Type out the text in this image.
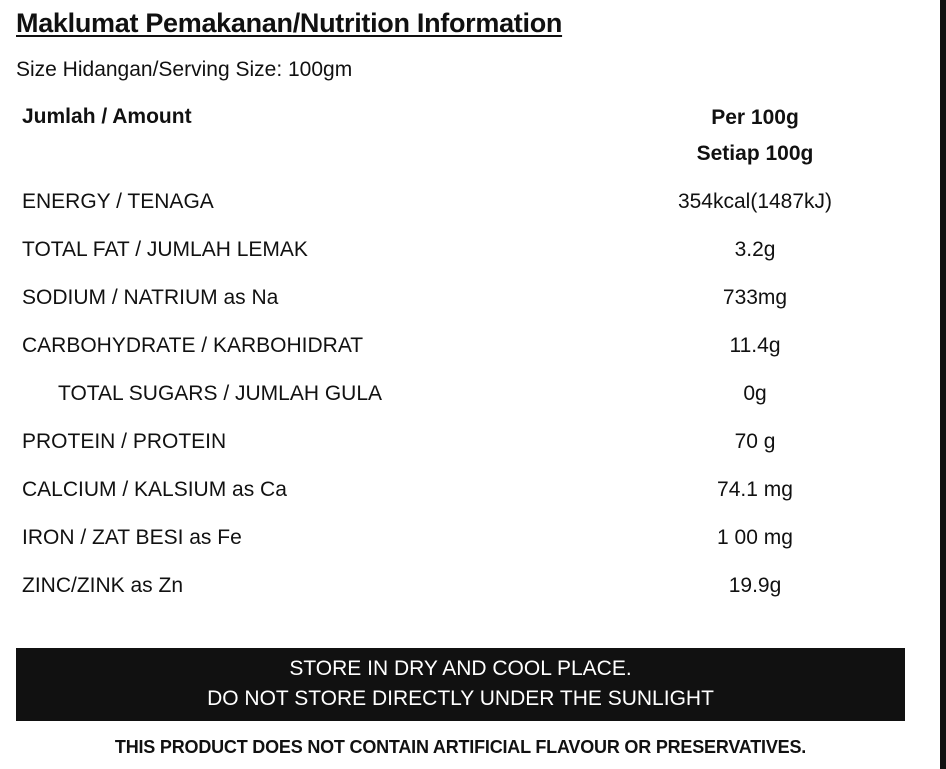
Maklumat Pemakanan/Nutrition Information
Size Hidangan/Serving Size: 100gm
Jumlah / Amount	Per 100g
Setiap 100g
ENERGY / TENAGA	354kcal(1487kJ)
TOTAL FAT / JUMLAH LEMAK	3.2g
SODIUM / NATRIUM as Na	733mg
CARBOHYDRATE / KARBOHIDRAT	11.4g
TOTAL SUGARS / JUMLAH GULA	0g
PROTEIN / PROTEIN	70 g
CALCIUM / KALSIUM as Ca	74.1 mg
IRON / ZAT BESI as Fe	1 00 mg
ZINC/ZINK as Zn	19.9g
STORE IN DRY AND COOL PLACE.
DO NOT STORE DIRECTLY UNDER THE SUNLIGHT
THIS PRODUCT DOES NOT CONTAIN ARTIFICIAL FLAVOUR OR PRESERVATIVES.
